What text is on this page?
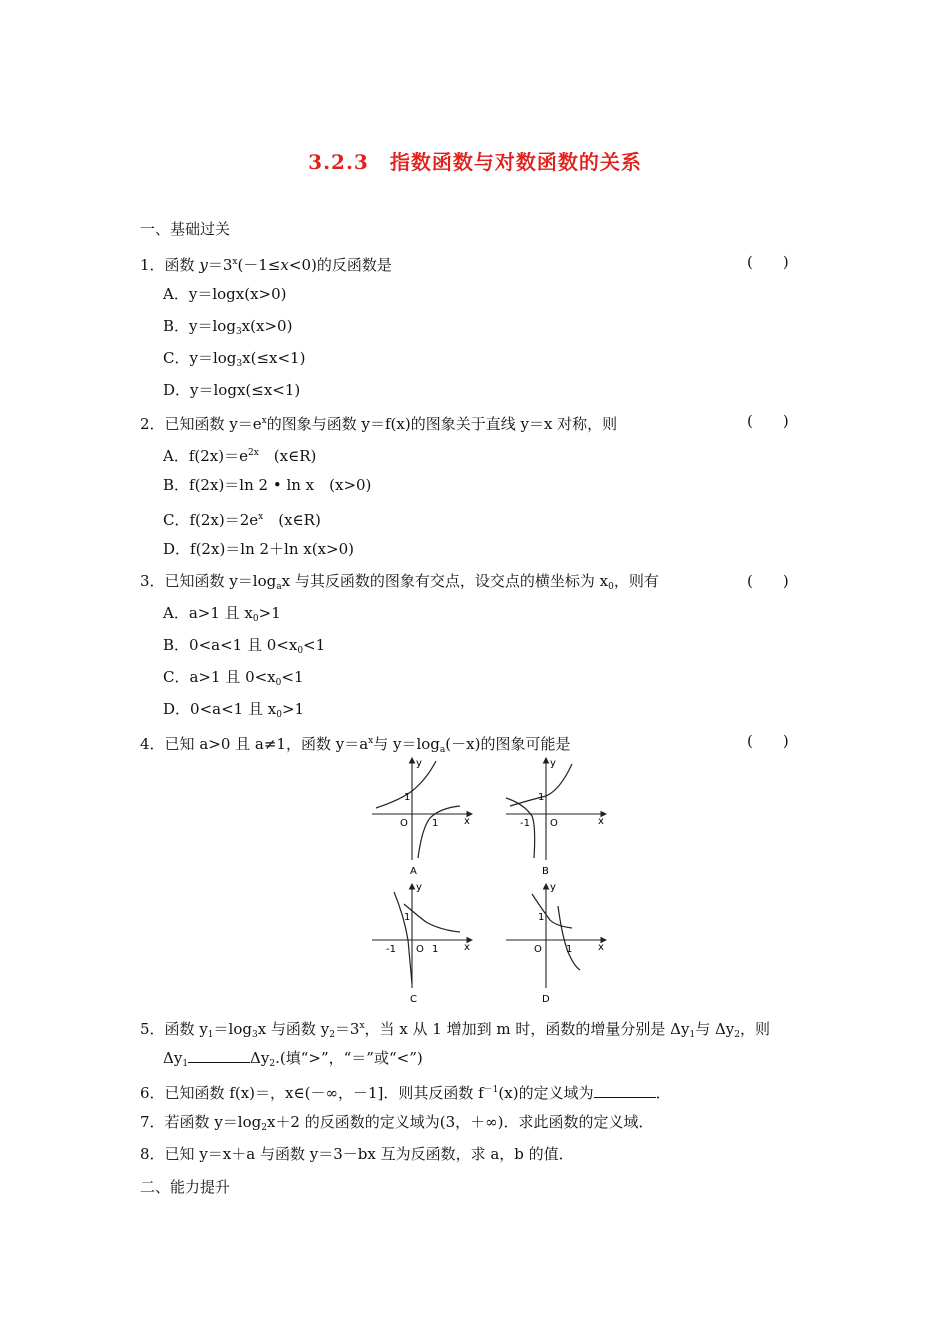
3.2.3　指数函数与对数函数的关系
一、基础过关
1．函数 $y=3^x(-1\le x<0)$的反函数是	(　　)
A．y＝logx(x>0)
B．$y=\log_3x(x>0)$
C．$y=\log_3x(\le x<1)$
D．y＝logx(≤x<1)
2．已知函数 $y=e^x$的图象与函数 y＝f(x)的图象关于直线 y＝x 对称，则	(　　)
A．$f(2x)=e^{2x}$　(x∈R)
B．f(2x)＝ln 2 • ln x　(x>0)
C．$f(2x)=2e^x$　(x∈R)
D．f(2x)＝ln 2＋ln x(x>0)
3．已知函数 $y=\log_ax$ 与其反函数的图象有交点，设交点的横坐标为 $x_0$，则有	(　　)
A．a>1 且 $x_0>1$
B．0<a<1 且 $0<x_0<1$
C．a>1 且 $0<x_0<1$
D．0<a<1 且 $x_0>1$
4．已知 a>0 且 a≠1，函数 $y=a^x$与 $y=\log_a(-x)$的图象可能是	(　　)
y
x
1
O 1
A
y
x
1
O
-1
B
y
x
1
O
-1	1
C
y
x
1
O 1
D
5．函数 $y_1=\log_3x$ 与函数 $y_2=3^x$，当 x 从 1 增加到 m 时，函数的增量分别是 $\Delta y_1$与 $\Delta y_2$，则
$\Delta y_1$	$\Delta y_2$.(填“>”，“＝”或“<”)
6．已知函数 f(x)＝，x∈(－∞，－1]．则其反函数 $f^{-1}(x)$的定义域为	．
7．若函数 $y=\log_2x+2$ 的反函数的定义域为(3，＋∞)．求此函数的定义域．
8．已知 y＝x＋a 与函数 y＝3－bx 互为反函数，求 a，b 的值．
二、能力提升
